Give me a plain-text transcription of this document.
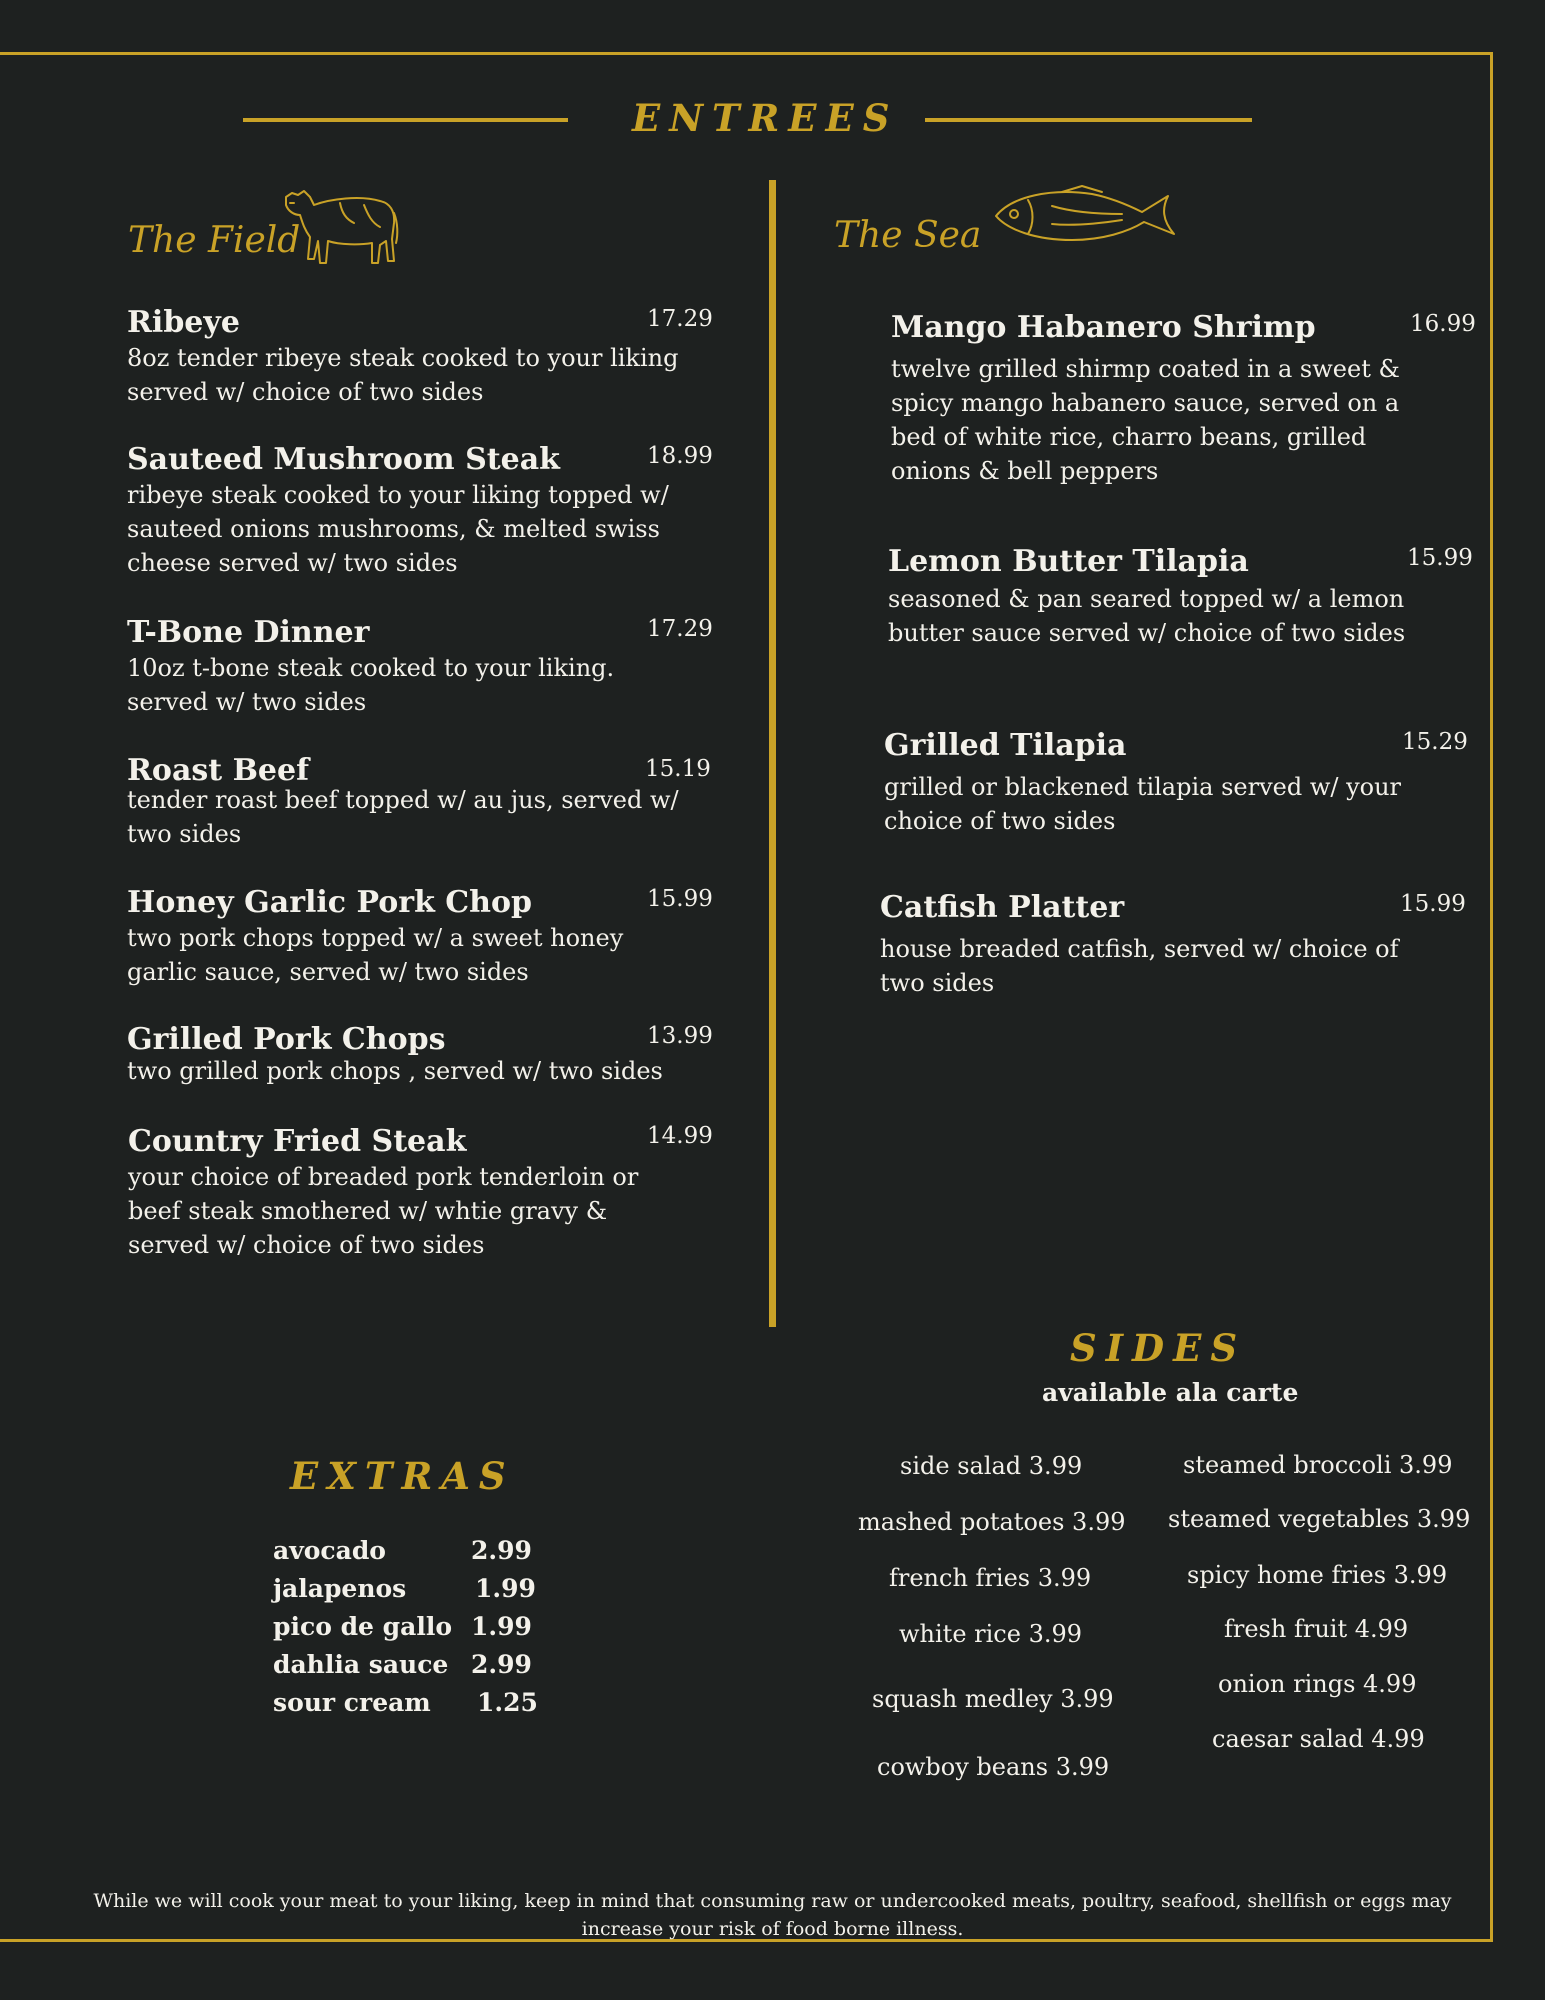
ENTREES
The Field
Ribeye
8oz tender ribeye steak cooked to your liking served w/ choice of two sides
17.29
Sauteed Mushroom Steak
ribeye steak cooked to your liking topped w/ sauteed onions mushrooms, & melted swiss cheese served w/ two sides
18.99
T-Bone Dinner
10oz t-bone steak cooked to your liking. served w/ two sides
17.29
Roast Beef
tender roast beef topped w/ au jus, served w/ two sides
15.19
Honey Garlic Pork Chop
two pork chops topped w/ a sweet honey garlic sauce, served w/ two sides
15.99
Grilled Pork Chops
two grilled pork chops , served w/ two sides
13.99
Country Fried Steak
your choice of breaded pork tenderloin or beef steak smothered w/ whtie gravy & served w/ choice of two sides
14.99
The Sea
Mango Habanero Shrimp
twelve grilled shirmp coated in a sweet & spicy mango habanero sauce, served on a bed of white rice, charro beans, grilled onions & bell peppers
16.99
Lemon Butter Tilapia
seasoned & pan seared topped w/ a lemon butter sauce served w/ choice of two sides
15.99
Grilled Tilapia
grilled or blackened tilapia served w/ your choice of two sides
15.29
Catfish Platter
house breaded catfish, served w/ choice of two sides
15.99
EXTRAS
avocado	2.99
jalapenos	1.99
pico de gallo 1.99
dahlia sauce 2.99
sour cream	1.25
SIDES
available ala carte
side salad 3.99
mashed potatoes 3.99
french fries 3.99
white rice 3.99
squash medley 3.99
cowboy beans 3.99
steamed broccoli 3.99
steamed vegetables 3.99
spicy home fries 3.99
fresh fruit 4.99
onion rings 4.99
caesar salad 4.99
While we will cook your meat to your liking, keep in mind that consuming raw or undercooked meats, poultry, seafood, shellfish or eggs may increase your risk of food borne illness.
